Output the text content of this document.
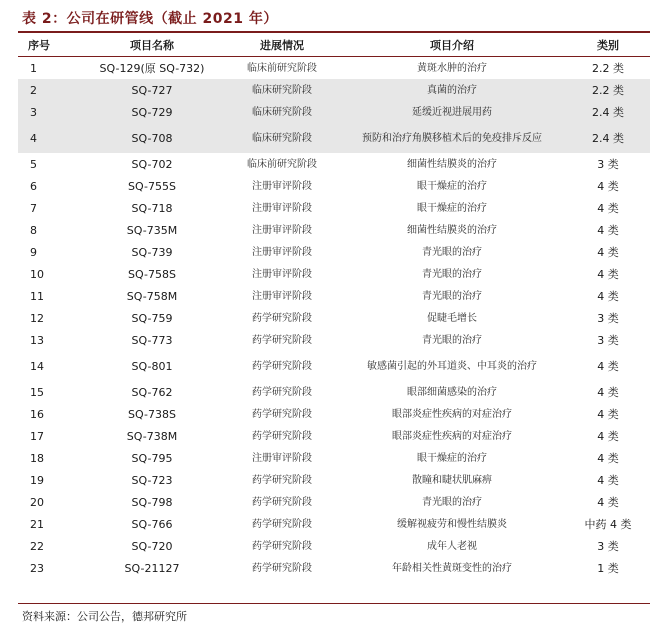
表 2：公司在研管线（截止 2021 年）
序号	项目名称	进展情况	项目介绍	类别
1	SQ-129(原 SQ-732)	临床前研究阶段	黄斑水肿的治疗	2.2 类
2	SQ-727	临床研究阶段	真菌的治疗	2.2 类
3	SQ-729	临床研究阶段	延缓近视进展用药	2.4 类
4	SQ-708	临床研究阶段	预防和治疗角膜移植术后的免疫排斥反应	2.4 类
5	SQ-702	临床前研究阶段	细菌性结膜炎的治疗	3 类
6	SQ-755S	注册审评阶段	眼干燥症的治疗	4 类
7	SQ-718	注册审评阶段	眼干燥症的治疗	4 类
8	SQ-735M	注册审评阶段	细菌性结膜炎的治疗	4 类
9	SQ-739	注册审评阶段	青光眼的治疗	4 类
10	SQ-758S	注册审评阶段	青光眼的治疗	4 类
11	SQ-758M	注册审评阶段	青光眼的治疗	4 类
12	SQ-759	药学研究阶段	促睫毛增长	3 类
13	SQ-773	药学研究阶段	青光眼的治疗	3 类
14	SQ-801	药学研究阶段	敏感菌引起的外耳道炎、中耳炎的治疗	4 类
15	SQ-762	药学研究阶段	眼部细菌感染的治疗	4 类
16	SQ-738S	药学研究阶段	眼部炎症性疾病的对症治疗	4 类
17	SQ-738M	药学研究阶段	眼部炎症性疾病的对症治疗	4 类
18	SQ-795	注册审评阶段	眼干燥症的治疗	4 类
19	SQ-723	药学研究阶段	散瞳和睫状肌麻痹	4 类
20	SQ-798	药学研究阶段	青光眼的治疗	4 类
21	SQ-766	药学研究阶段	缓解视疲劳和慢性结膜炎	中药 4 类
22	SQ-720	药学研究阶段	成年人老视	3 类
23	SQ-21127	药学研究阶段	年龄相关性黄斑变性的治疗	1 类
资料来源：公司公告，德邦研究所
